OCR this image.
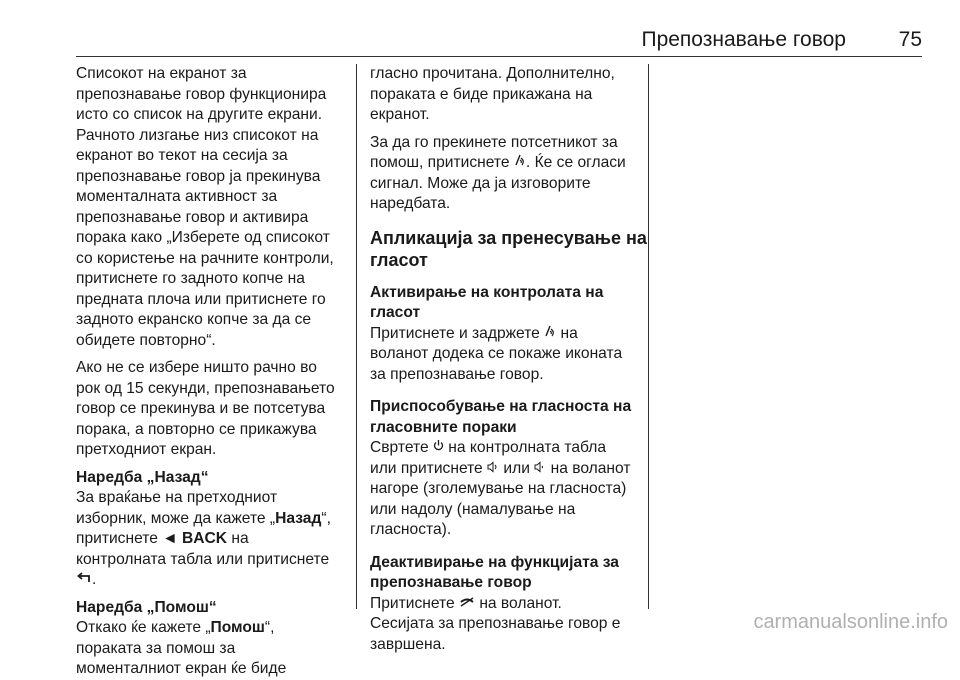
Препознавање говор	75
Списокот на екранот за
препознавање говор функционира
исто со список на другите екрани.
Рачното лизгање низ списокот на
екранот во текот на сесија за
препознавање говор ја прекинува
моменталната активност за
препознавање говор и активира
порака како „Изберете од списокот
со користење на рачните контроли,
притиснете го задното копче на
предната плоча или притиснете го
задното екранско копче за да се
обидете повторно“.
Ако не се избере ништо рачно во
рок од 15 секунди, препознавањето
говор се прекинува и ве потсетува
порака, а повторно се прикажува
претходниот екран.
Наредба „Назад“
За враќање на претходниот
изборник, може да кажете „Назад“,
притиснете ◄ BACK на
контролната табла или притиснете
.
Наредба „Помош“
Откако ќе кажете „Помош“,
пораката за помош за
моменталниот екран ќе биде
гласно прочитана. Дополнително,
пораката е биде прикажана на
екранот.
За да го прекинете потсетникот за
помош, притиснете . Ќе се огласи
сигнал. Може да ја изговорите
наредбата.
Апликација за пренесување на
гласот
Активирање на контролата на
гласот
Притиснете и задржете  на
воланот додека се покаже иконата
за препознавање говор.
Приспособување на гласноста на
гласовните пораки
Свртете  на контролната табла
или притиснете  или  на воланот
нагоре (зголемување на гласноста)
или надолу (намалување на
гласноста).
Деактивирање на функцијата за
препознавање говор
Притиснете  на воланот.
Сесијата за препознавање говор е
завршена.
carmanualsonline.info
